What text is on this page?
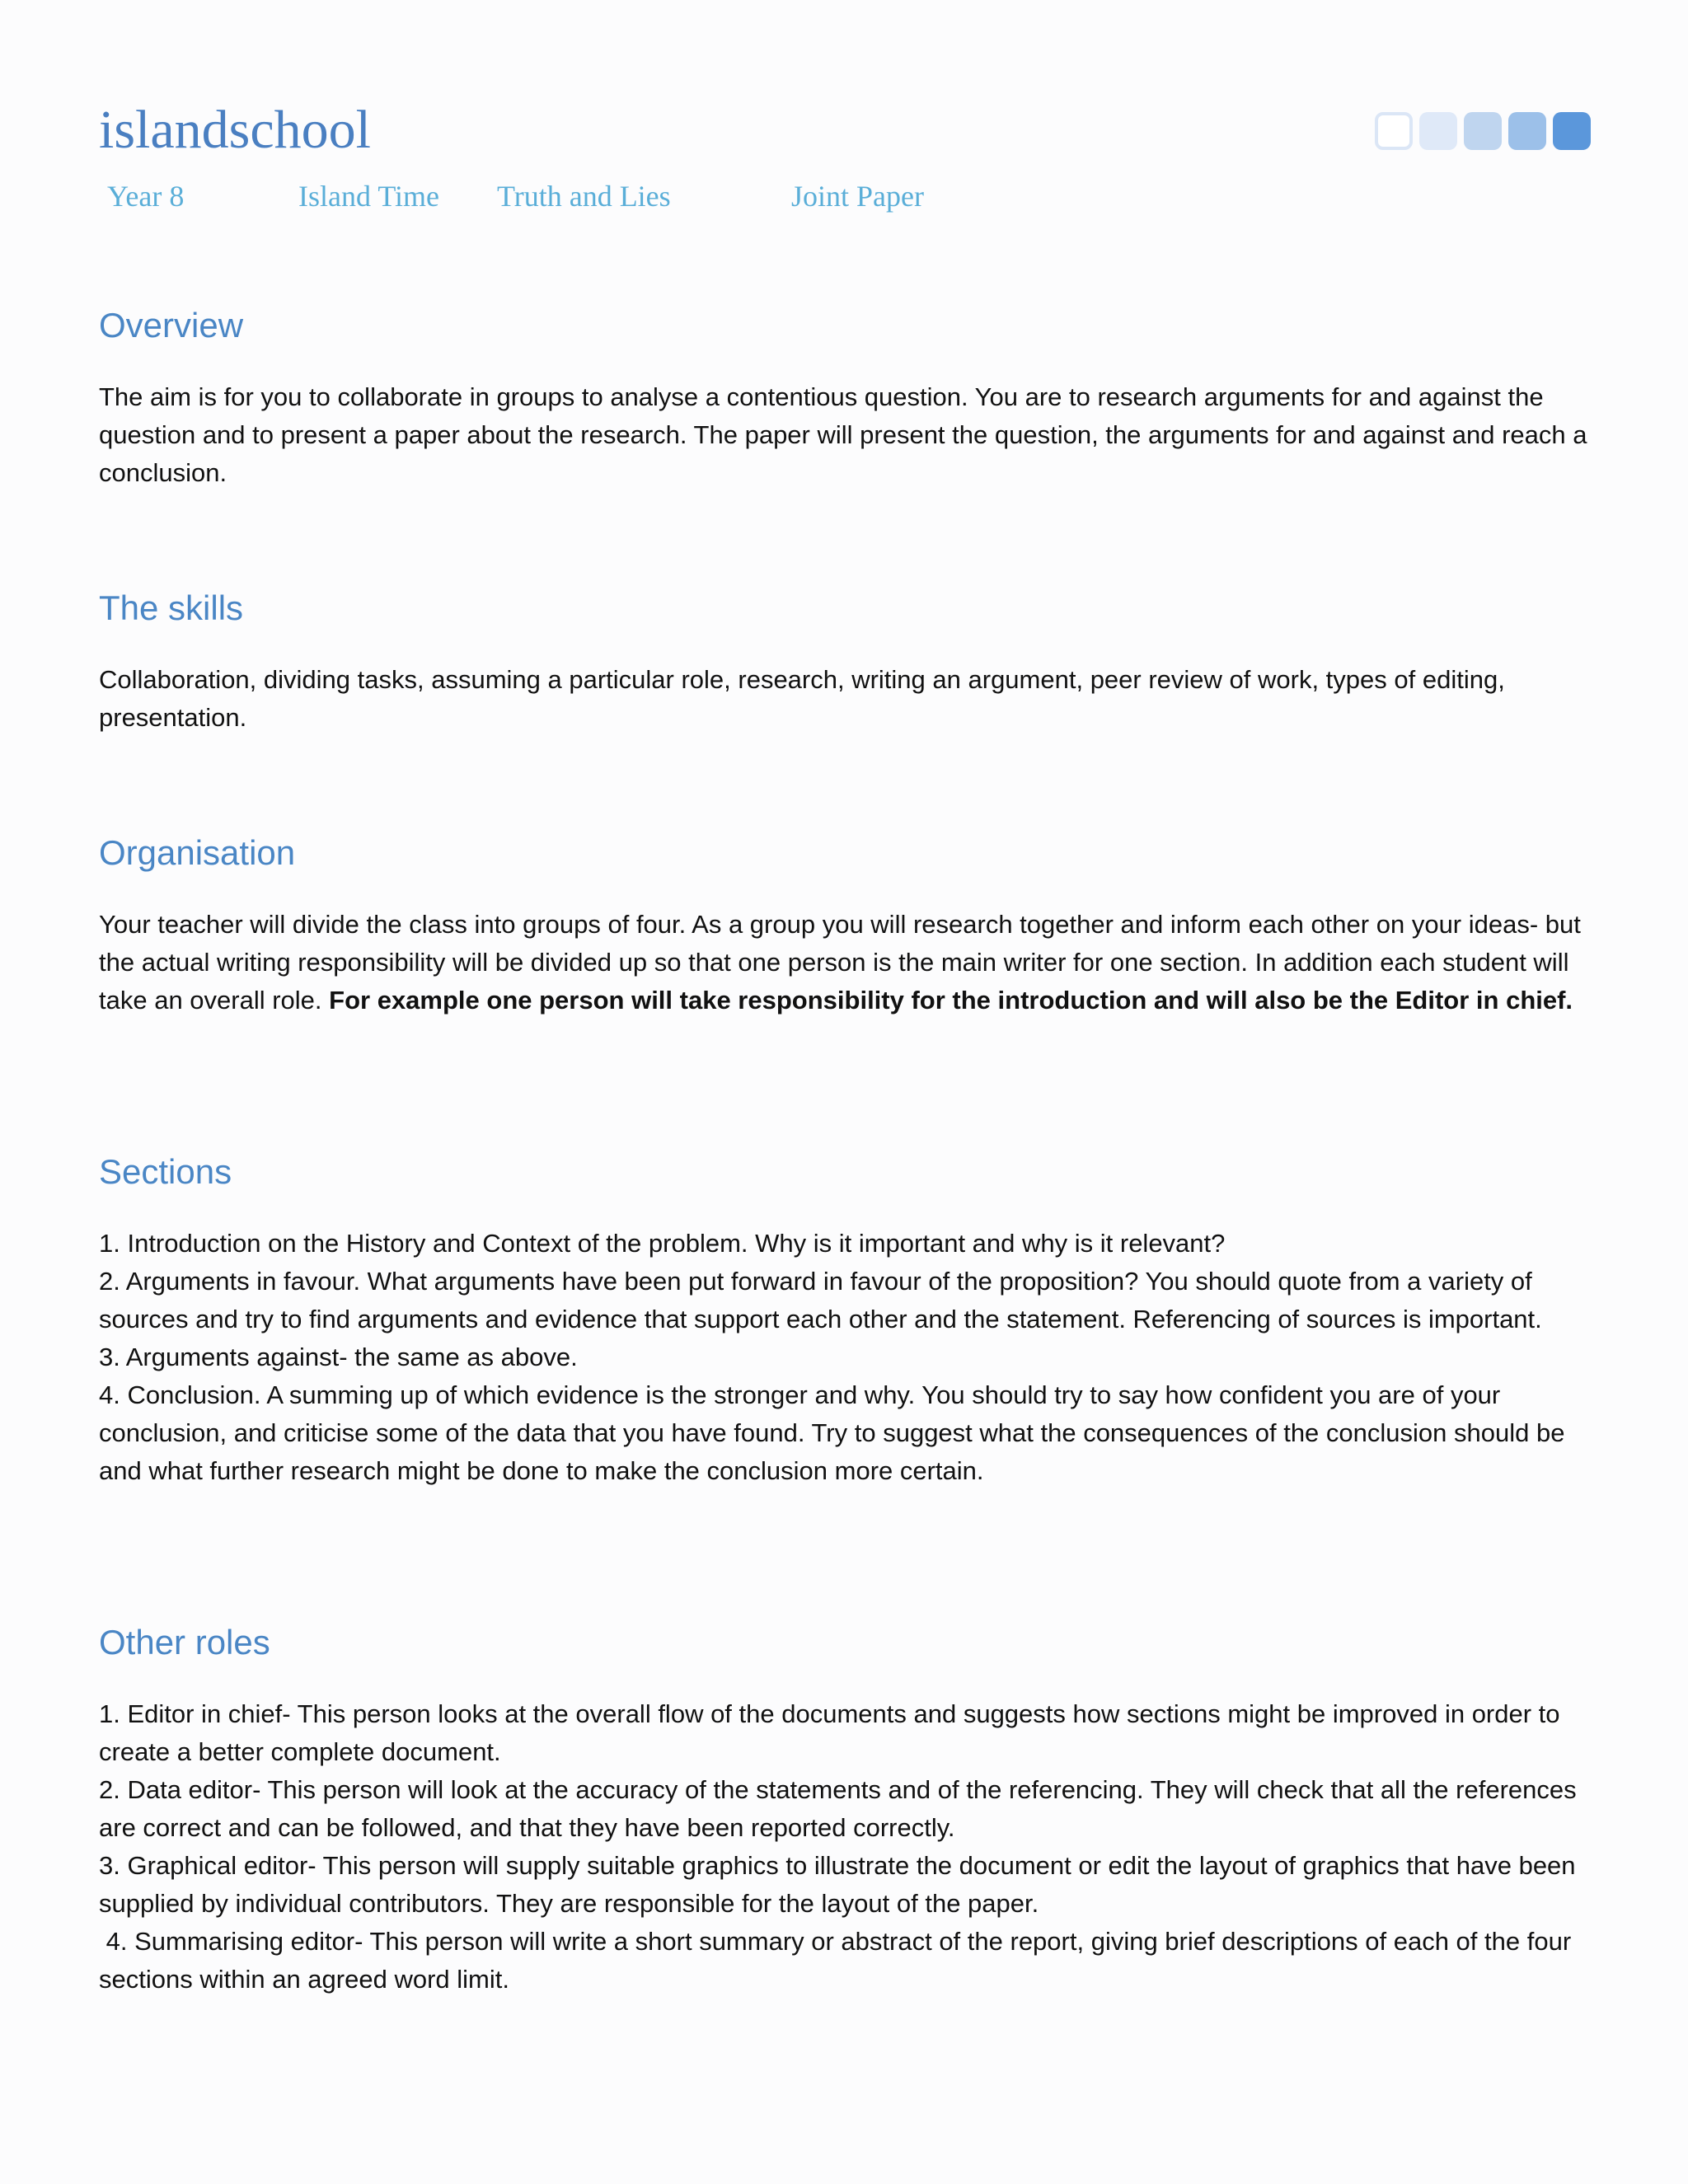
islandschool
Year 8	Island Time Truth and Lies	Joint Paper
Overview

The aim is for you to collaborate in groups to analyse a contentious question. You are to research arguments for and against the question and to present a paper about the research. The paper will present the question, the arguments for and against and reach a conclusion.

The skills

Collaboration, dividing tasks, assuming a particular role, research, writing an argument, peer review of work, types of editing, presentation.

Organisation

Your teacher will divide the class into groups of four. As a group you will research together and inform each other on your ideas- but the actual writing responsibility will be divided up so that one person is the main writer for one section. In addition each student will take an overall role. For example one person will take responsibility for the introduction and will also be the Editor in chief.

Sections

1. Introduction on the History and Context of the problem. Why is it important and why is it relevant?

2. Arguments in favour. What arguments have been put forward in favour of the proposition? You should quote from a variety of sources and try to find arguments and evidence that support each other and the statement. Referencing of sources is important.

3. Arguments against- the same as above.

4. Conclusion. A summing up of which evidence is the stronger and why. You should try to say how confident you are of your conclusion, and criticise some of the data that you have found. Try to suggest what the consequences of the conclusion should be and what further research might be done to make the conclusion more certain.

Other roles

1. Editor in chief- This person looks at the overall flow of the documents and suggests how sections might be improved in order to create a better complete document.

2. Data editor- This person will look at the accuracy of the statements and of the referencing. They will check that all the references are correct and can be followed, and that they have been reported correctly.

3. Graphical editor- This person will supply suitable graphics to illustrate the document or edit the layout of graphics that have been supplied by individual contributors. They are responsible for the layout of the paper.

4. Summarising editor- This person will write a short summary or abstract of the report, giving brief descriptions of each of the four sections within an agreed word limit.
